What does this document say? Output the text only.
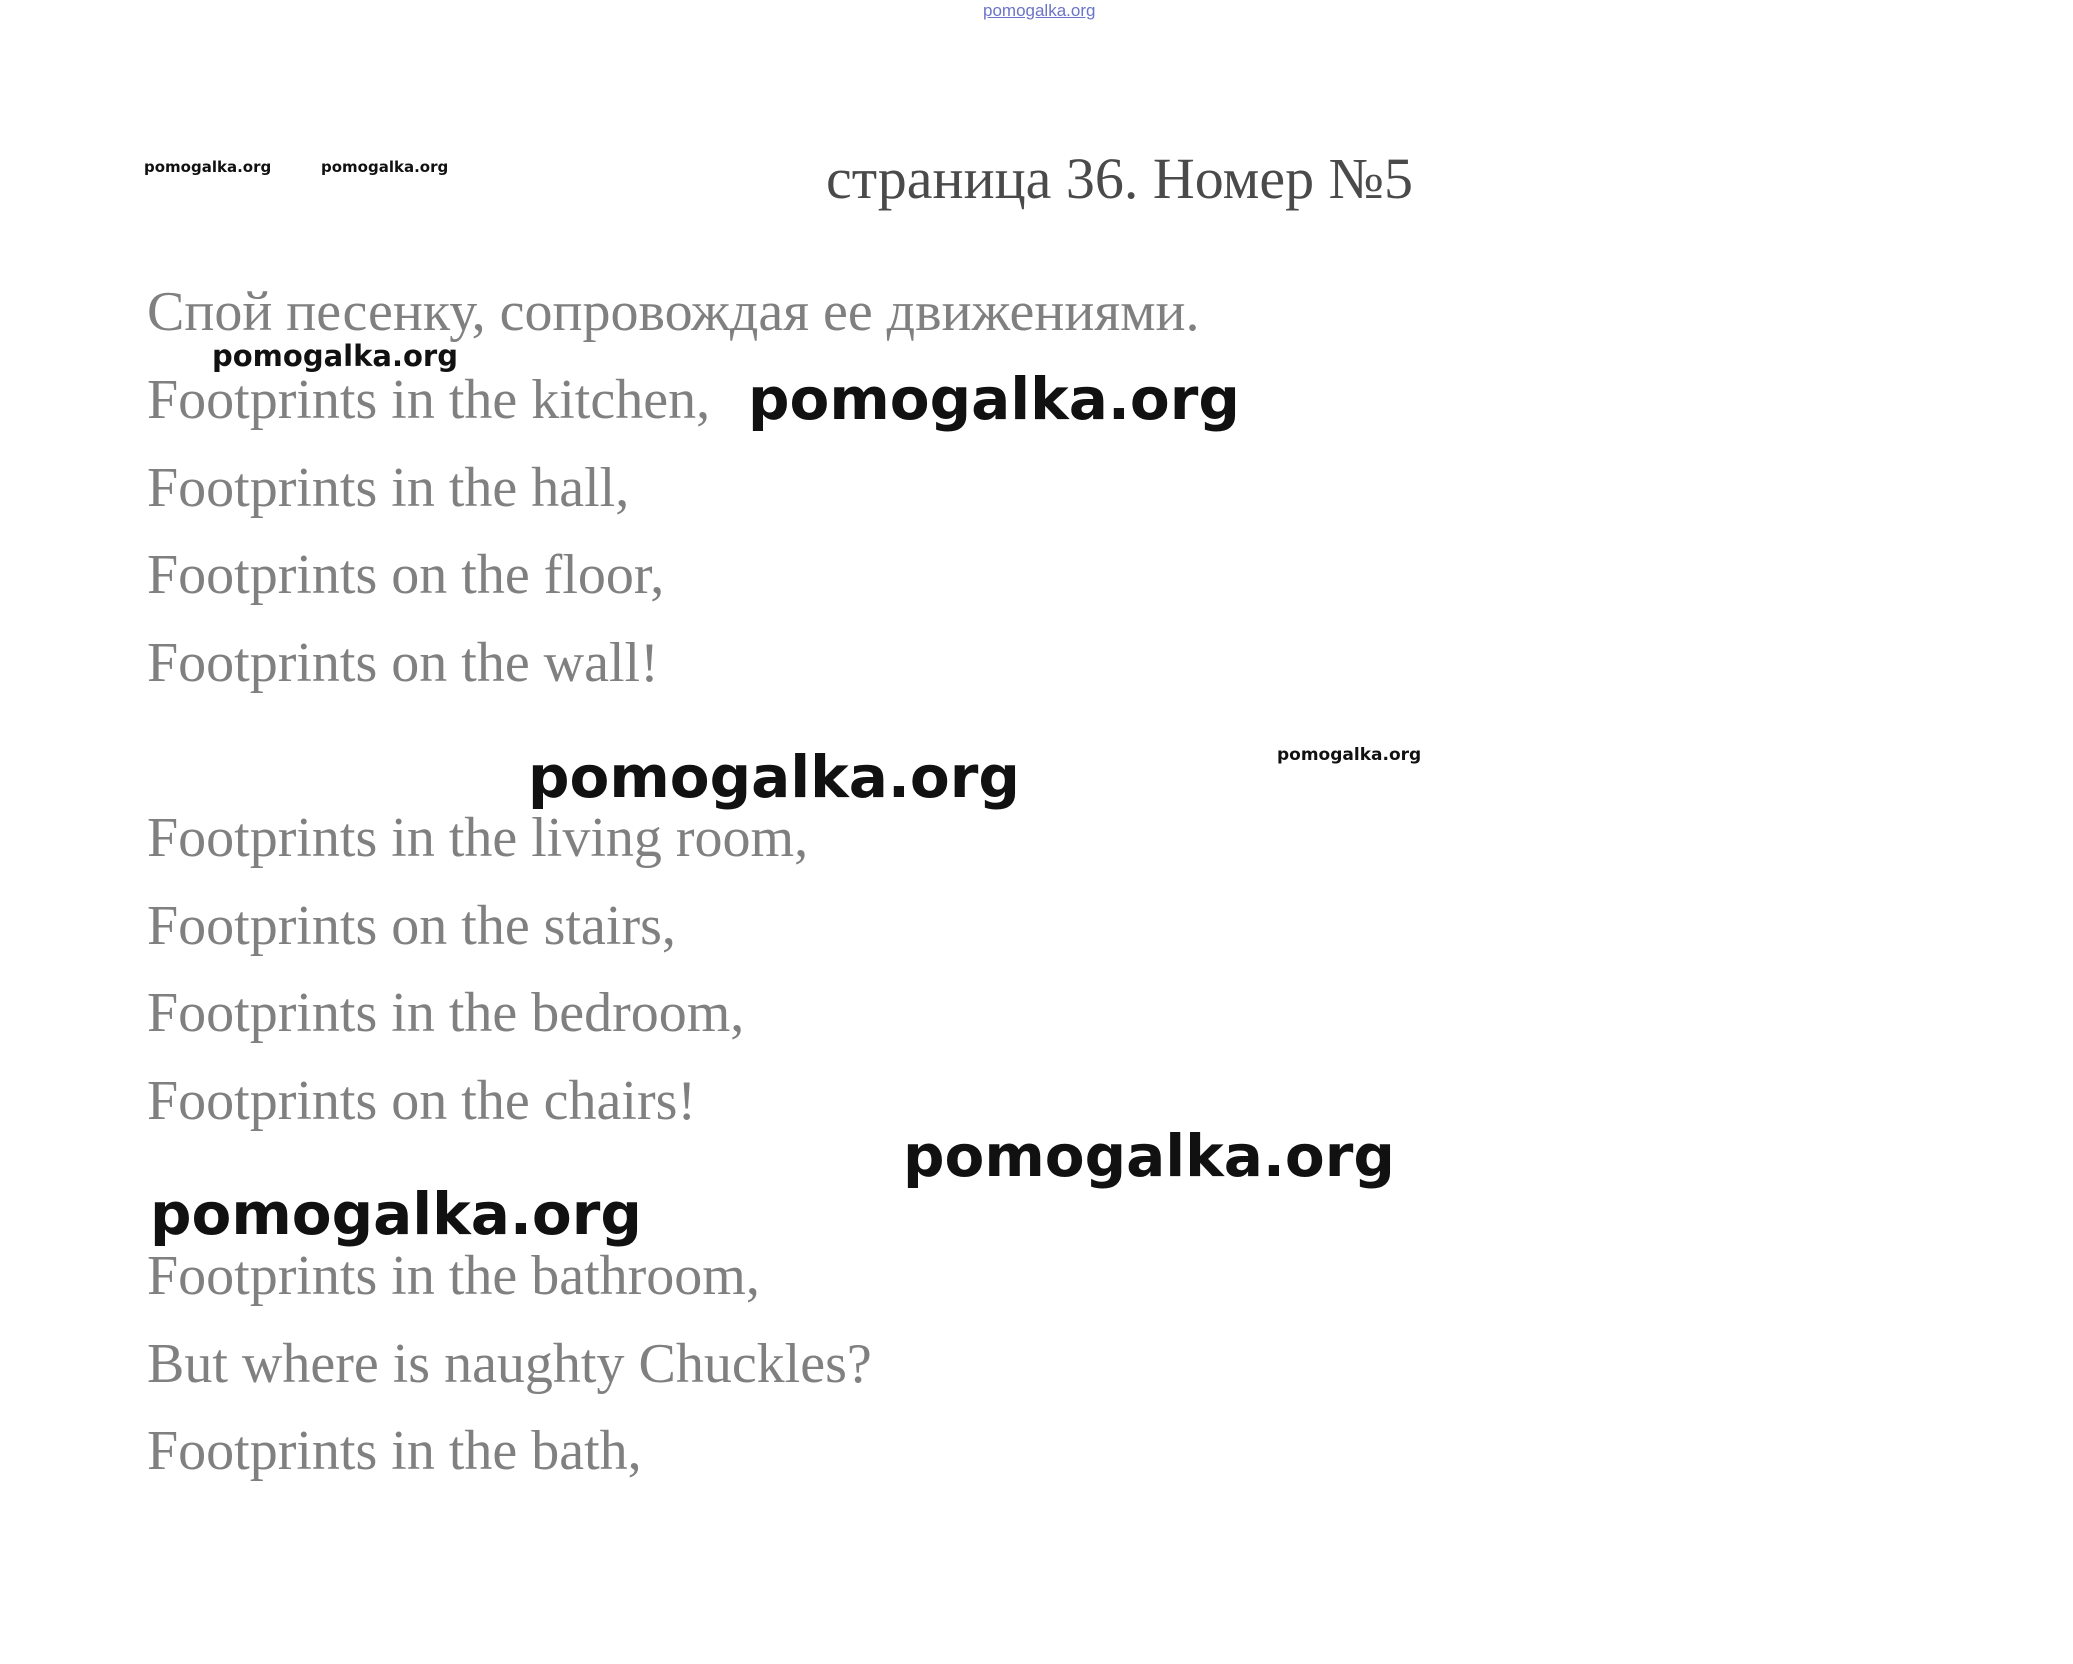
pomogalka.org
pomogalka.org	pomogalka.org	страница 36. Номер №5

Спой песенку, сопровождая ее движениями.

pomogalka.org
Footprints in the kitchen,
Footprints in the hall,
Footprints on the floor,
Footprints on the wall!
Footprints in the living room,
Footprints on the stairs,
Footprints in the bedroom,
Footprints on the chairs!
Footprints in the bathroom,
But where is naughty Chuckles?
Footprints in the bath,
pomogalka.org
pomogalka.org	pomogalka.org
pomogalka.org
pomogalka.org
